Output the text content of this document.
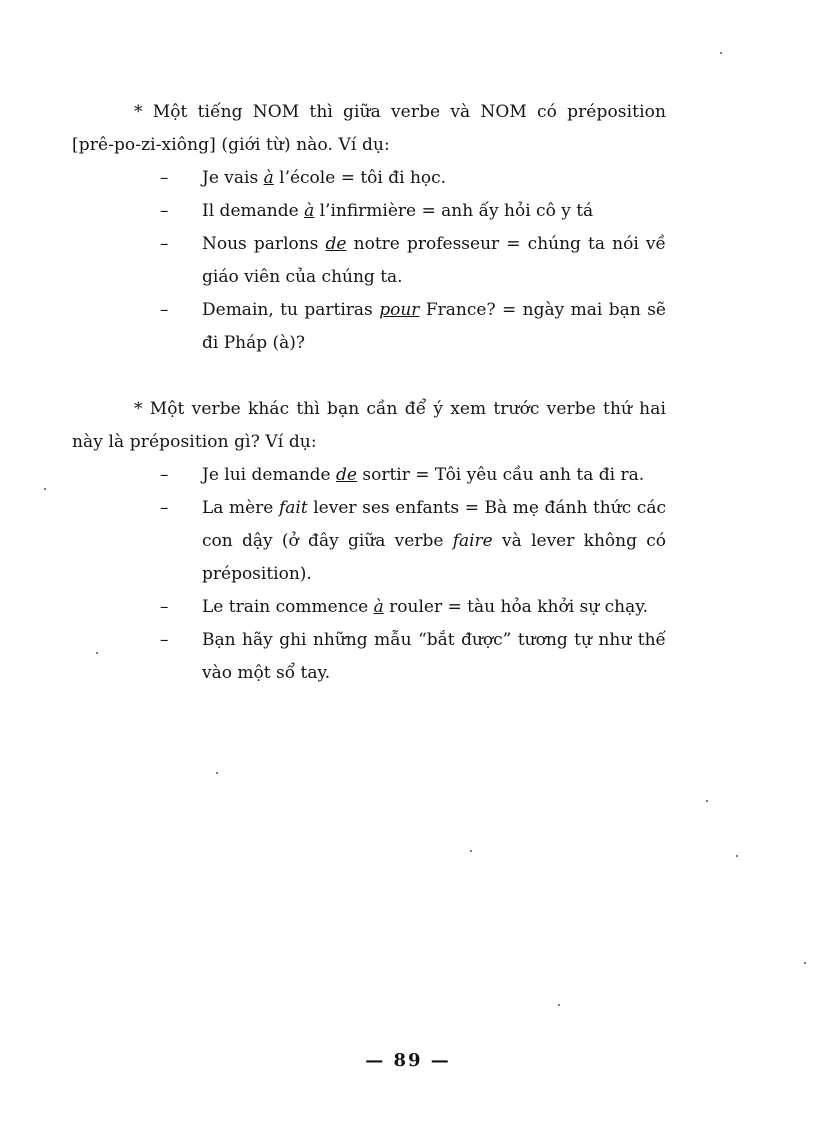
* Một tiếng NOM thì giữa verbe và NOM có préposition [prê-po-zi-xiông] (giới từ) nào. Ví dụ:
–	Je vais à l’école = tôi đi học.
–	Il demande à l’infirmière = anh ấy hỏi cô y tá
–	Nous parlons de notre professeur = chúng ta nói về giáo viên của chúng ta.
–	Demain, tu partiras pour France? = ngày mai bạn sẽ đi Pháp (à)?
* Một verbe khác thì bạn cần để ý xem trước verbe thứ hai này là préposition gì? Ví dụ:
–	Je lui demande de sortir = Tôi yêu cầu anh ta đi ra.
–	La mère fait lever ses enfants = Bà mẹ đánh thức các con dậy (ở đây giữa verbe faire và lever không có préposition).
–	Le train commence à rouler = tàu hỏa khởi sự chạy.
–	Bạn hãy ghi những mẫu “bắt được” tương tự như thế vào một sổ tay.
— 89 —
